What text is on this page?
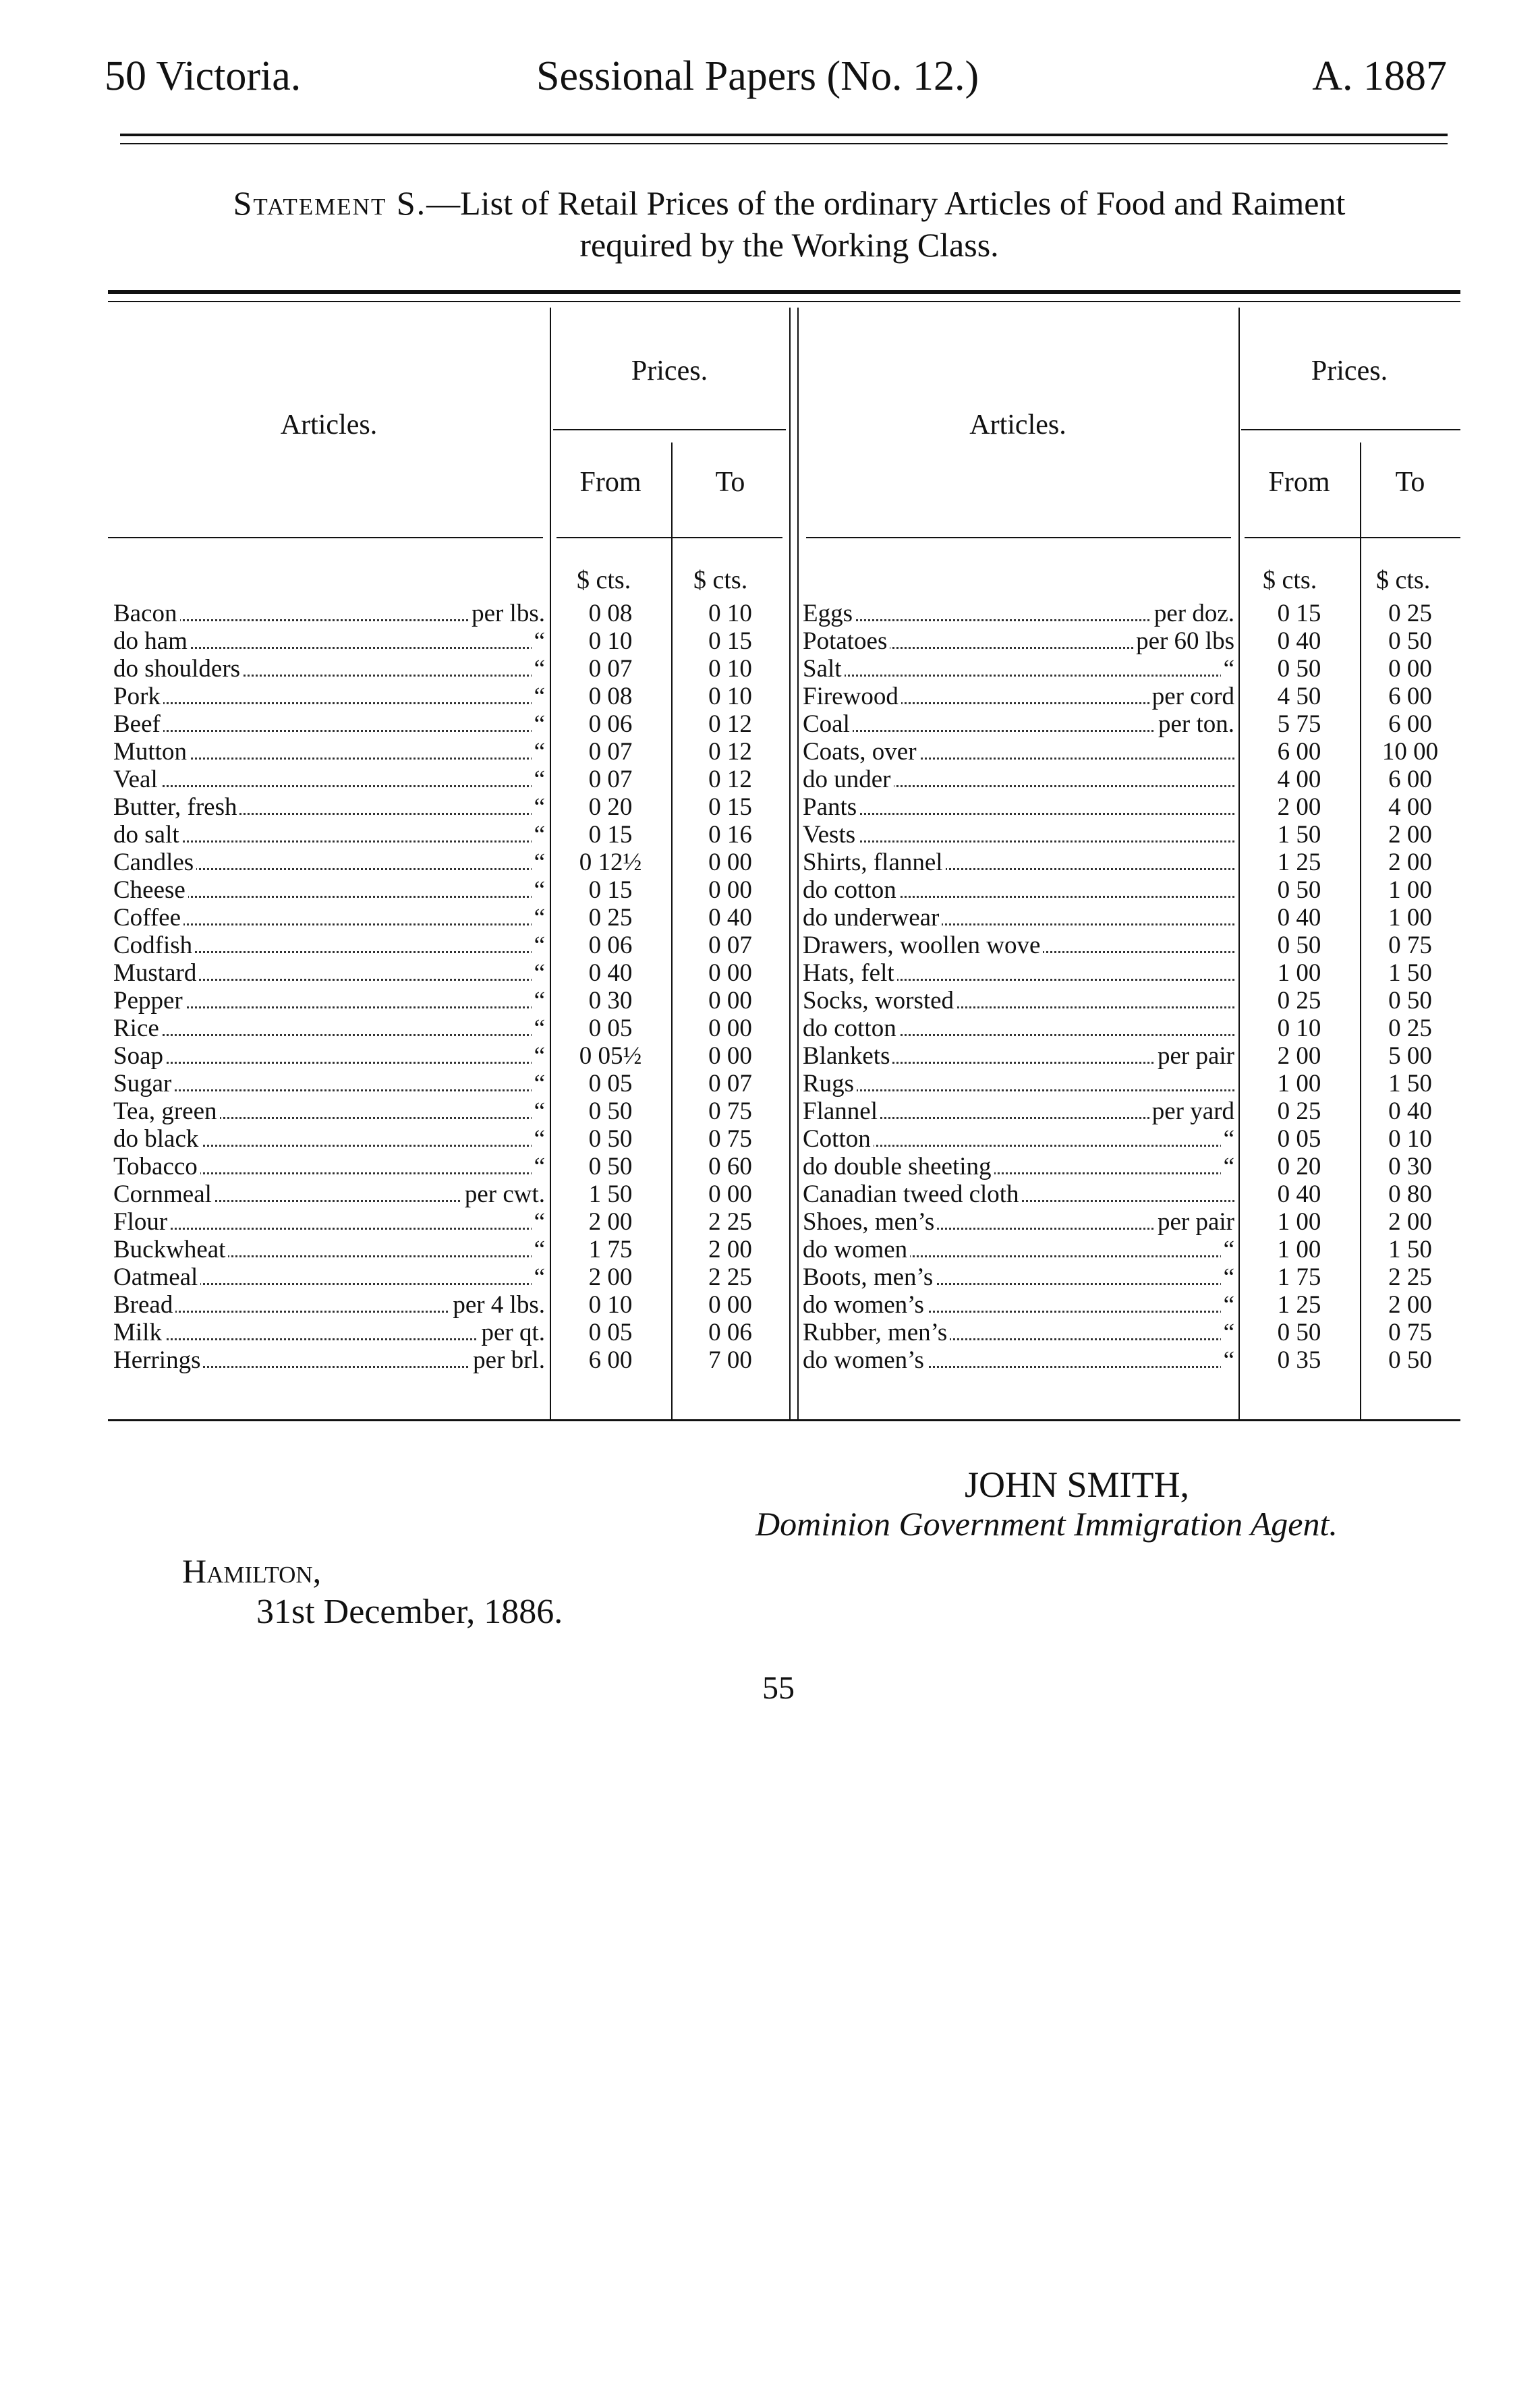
50 Victoria.	Sessional Papers (No. 12.)	A. 1887
Statement S.—List of Retail Prices of the ordinary Articles of Food and Raiment
required by the Working Class.
Articles.
Prices.
From	To
Articles.
Prices.
From	To
$ cts. $ cts.	$ cts. $ cts.
Bacon	per lbs.	0 08	0 10
do ham	“	0 10	0 15
do shoulders	“	0 07	0 10
Pork	“	0 08	0 10
Beef	“	0 06	0 12
Mutton	“	0 07	0 12
Veal	“	0 07	0 12
Butter, fresh	“	0 20	0 15
do salt	“	0 15	0 16
Candles	“	0 12½	0 00
Cheese	“	0 15	0 00
Coffee	“	0 25	0 40
Codfish	“	0 06	0 07
Mustard	“	0 40	0 00
Pepper	“	0 30	0 00
Rice	“	0 05	0 00
Soap	“	0 05½	0 00
Sugar	“	0 05	0 07
Tea, green	“	0 50	0 75
do black	“	0 50	0 75
Tobacco	“	0 50	0 60
Cornmeal	per cwt.	1 50	0 00
Flour	“	2 00	2 25
Buckwheat	“	1 75	2 00
Oatmeal	“	2 00	2 25
Bread	per 4 lbs.	0 10	0 00
Milk	per qt.	0 05	0 06
Herrings	per brl.	6 00	7 00
Eggs	per doz.	0 15	0 25
Potatoes	per 60 lbs	0 40	0 50
Salt	“	0 50	0 00
Firewood	per cord	4 50	6 00
Coal	per ton.	5 75	6 00
Coats, over	6 00	10 00
do under	4 00	6 00
Pants	2 00	4 00
Vests	1 50	2 00
Shirts, flannel	1 25	2 00
do cotton	0 50	1 00
do underwear	0 40	1 00
Drawers, woollen wove	0 50	0 75
Hats, felt	1 00	1 50
Socks, worsted	0 25	0 50
do cotton	0 10	0 25
Blankets	per pair	2 00	5 00
Rugs	1 00	1 50
Flannel	per yard	0 25	0 40
Cotton	“	0 05	0 10
do double sheeting	“	0 20	0 30
Canadian tweed cloth	0 40	0 80
Shoes, men’s	per pair	1 00	2 00
do women	“	1 00	1 50
Boots, men’s	“	1 75	2 25
do women’s	“	1 25	2 00
Rubber, men’s	“	0 50	0 75
do women’s	“	0 35	0 50
JOHN SMITH,
Dominion Government Immigration Agent.
Hamilton,
31st December, 1886.
55
